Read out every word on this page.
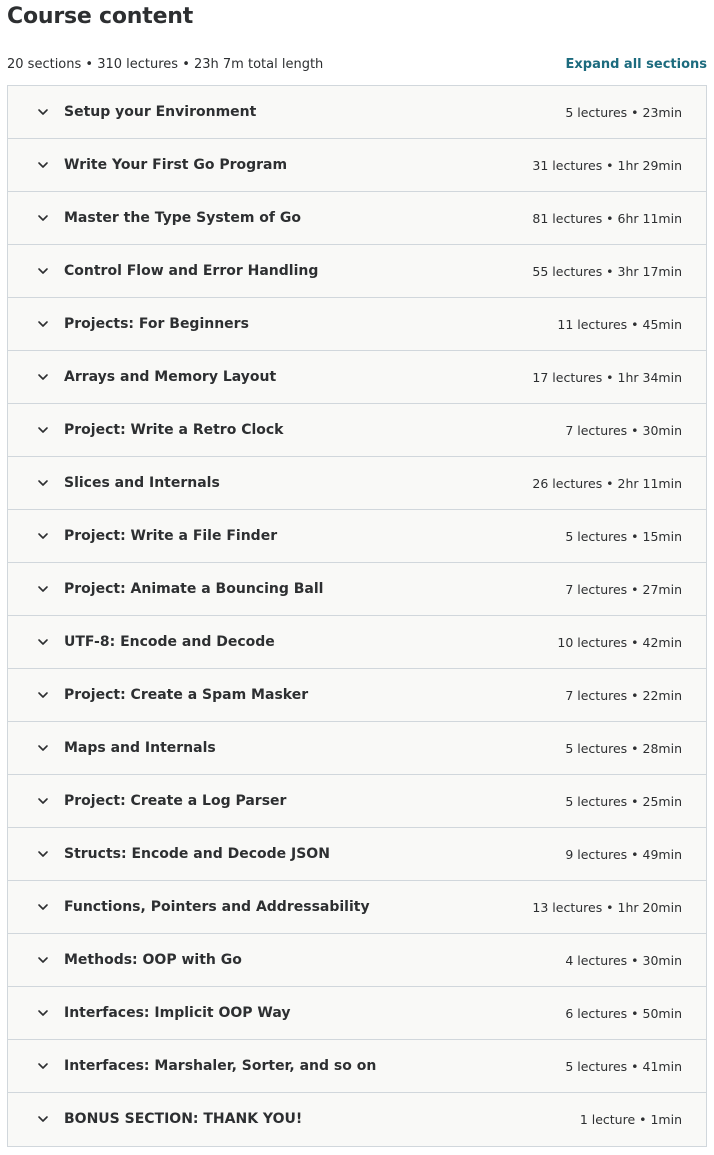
Course content
20 sections • 310 lectures • 23h 7m total length	Expand all sections
Setup your Environment	5 lectures • 23min
Write Your First Go Program	31 lectures • 1hr 29min
Master the Type System of Go	81 lectures • 6hr 11min
Control Flow and Error Handling	55 lectures • 3hr 17min
Projects: For Beginners	11 lectures • 45min
Arrays and Memory Layout	17 lectures • 1hr 34min
Project: Write a Retro Clock	7 lectures • 30min
Slices and Internals	26 lectures • 2hr 11min
Project: Write a File Finder	5 lectures • 15min
Project: Animate a Bouncing Ball	7 lectures • 27min
UTF-8: Encode and Decode	10 lectures • 42min
Project: Create a Spam Masker	7 lectures • 22min
Maps and Internals	5 lectures • 28min
Project: Create a Log Parser	5 lectures • 25min
Structs: Encode and Decode JSON	9 lectures • 49min
Functions, Pointers and Addressability	13 lectures • 1hr 20min
Methods: OOP with Go	4 lectures • 30min
Interfaces: Implicit OOP Way	6 lectures • 50min
Interfaces: Marshaler, Sorter, and so on	5 lectures • 41min
BONUS SECTION: THANK YOU!	1 lecture • 1min
